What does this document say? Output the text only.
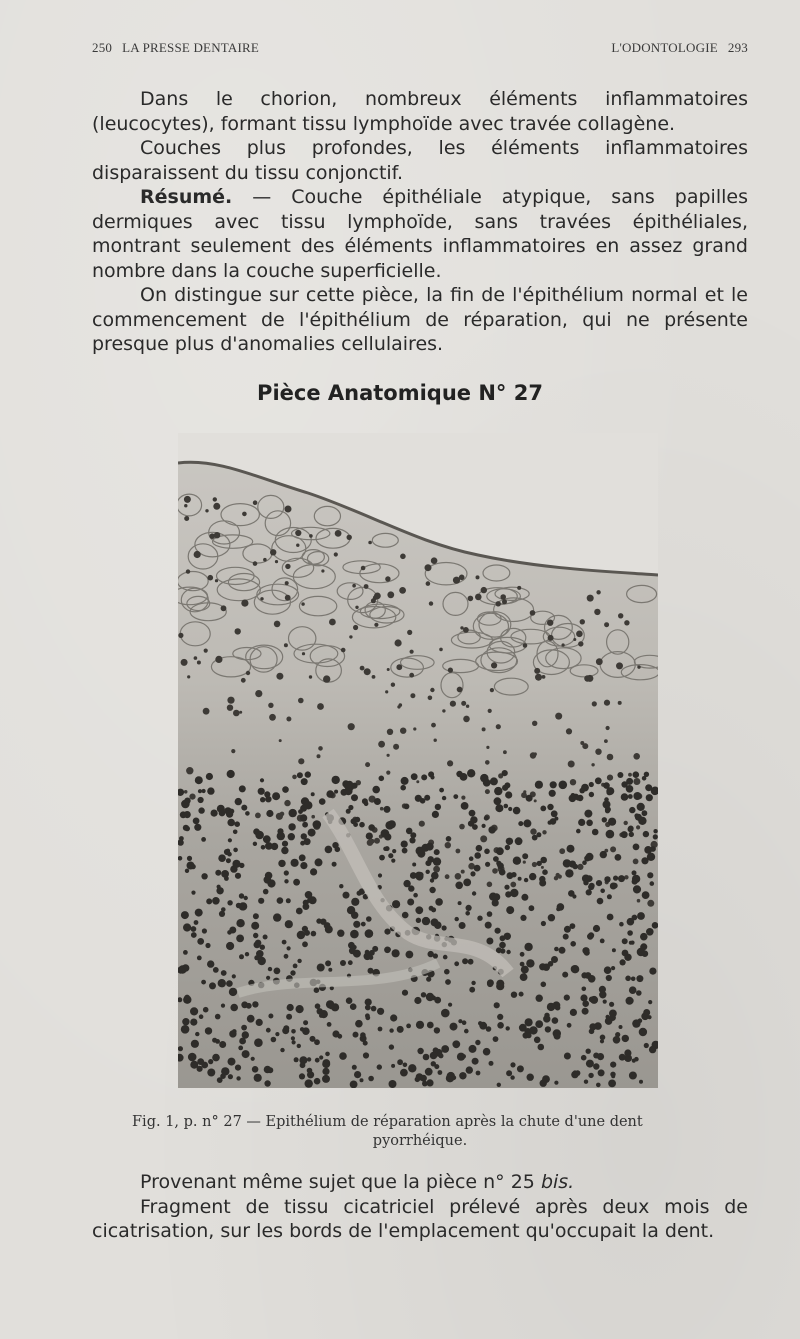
250 LA PRESSE DENTAIRE	L'ODONTOLOGIE 293

Dans le chorion, nombreux éléments inflammatoires (leucocytes), formant tissu lymphoïde avec travée collagène.

Couches plus profondes, les éléments inflammatoires disparaissent du tissu conjonctif.

Résumé. — Couche épithéliale atypique, sans papilles dermiques avec tissu lymphoïde, sans travées épithéliales, montrant seulement des éléments inflammatoires en assez grand nombre dans la couche superficielle.

On distingue sur cette pièce, la fin de l'épithélium normal et le commencement de l'épithélium de réparation, qui ne présente presque plus d'anomalies cellulaires.

Pièce Anatomique N° 27
Fig. 1, p. n° 27 — Epithélium de réparation après la chute d'une dent
pyorrhéique.

Provenant même sujet que la pièce n° 25 bis.

Fragment de tissu cicatriciel prélevé après deux mois de cicatrisation, sur les bords de l'emplacement qu'occupait la dent.
